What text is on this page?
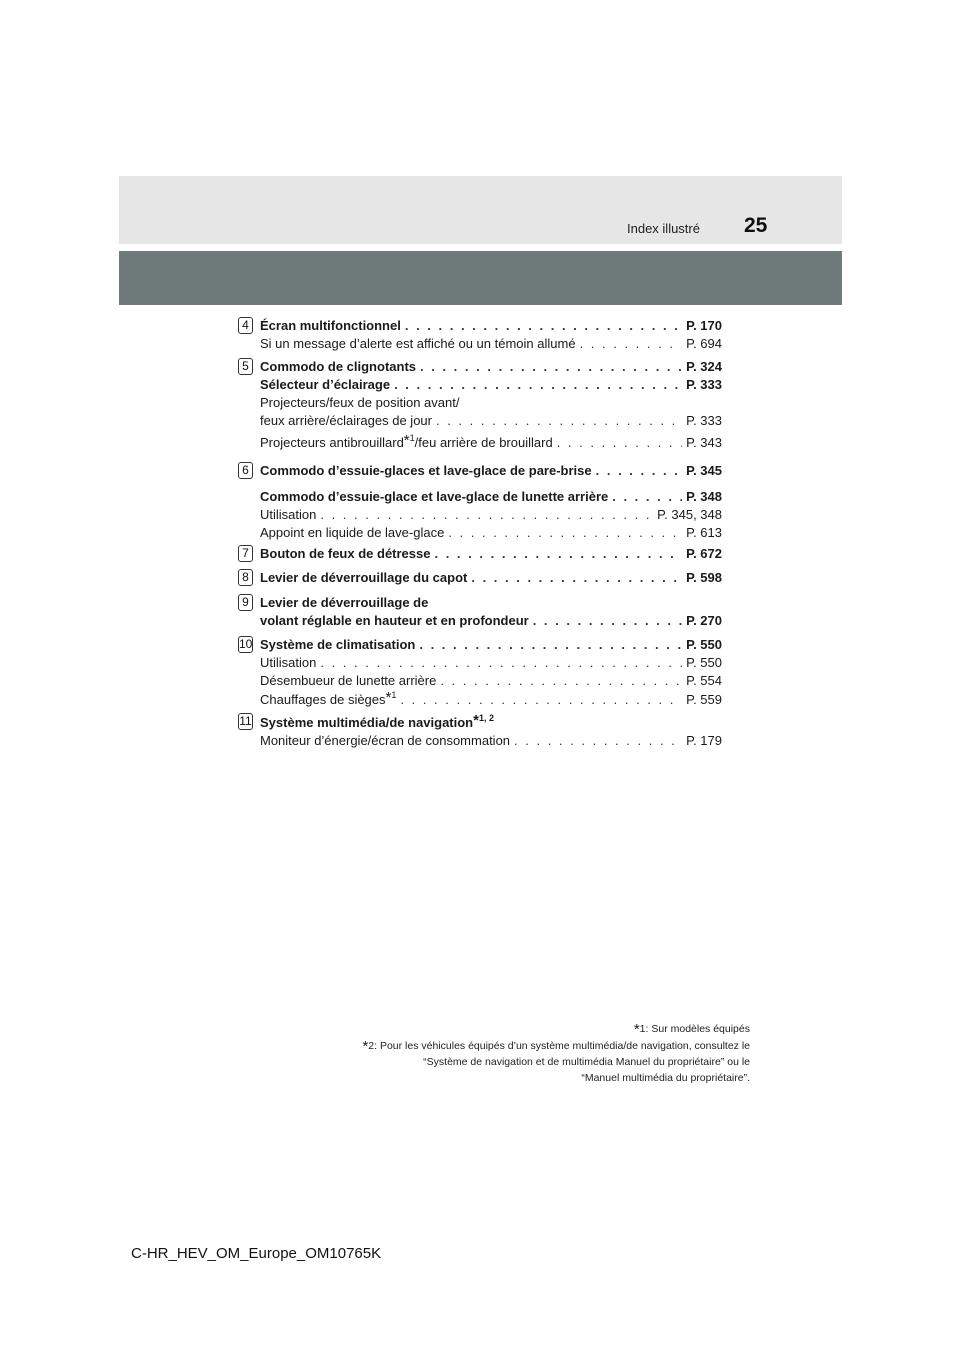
Index illustré 25
4 Écran multifonctionnel . . .	P. 170
Si un message d’alerte est affiché ou un témoin allumé . . .	P. 694
5 Commodo de clignotants . . .	P. 324
Sélecteur d’éclairage . . .	P. 333
Projecteurs/feux de position avant/
feux arrière/éclairages de jour . . .	P. 333
Projecteurs antibrouillard*$^1$/feu arrière de brouillard . . .	P. 343
6 Commodo d’essuie-glaces et lave-glace de pare-brise . . .	P. 345
Commodo d’essuie-glace et lave-glace de lunette arrière . . .	P. 348
Utilisation . . .	P. 345, 348
Appoint en liquide de lave-glace . . .	P. 613
7 Bouton de feux de détresse . . .	P. 672
8 Levier de déverrouillage du capot . . .	P. 598
9 Levier de déverrouillage de
volant réglable en hauteur et en profondeur . . .	P. 270
10 Système de climatisation . . .	P. 550
Utilisation . . .	P. 550
Désembueur de lunette arrière . . .	P. 554
Chauffages de sièges*$^1$ . . .	P. 559
11 Système multimédia/de navigation*$^{1, 2}$
Moniteur d’énergie/écran de consommation . . .	P. 179
*1: Sur modèles équipés
*2: Pour les véhicules équipés d’un système multimédia/de navigation, consultez le
“Système de navigation et de multimédia Manuel du propriétaire” ou le
“Manuel multimédia du propriétaire”.
C-HR_HEV_OM_Europe_OM10765K
